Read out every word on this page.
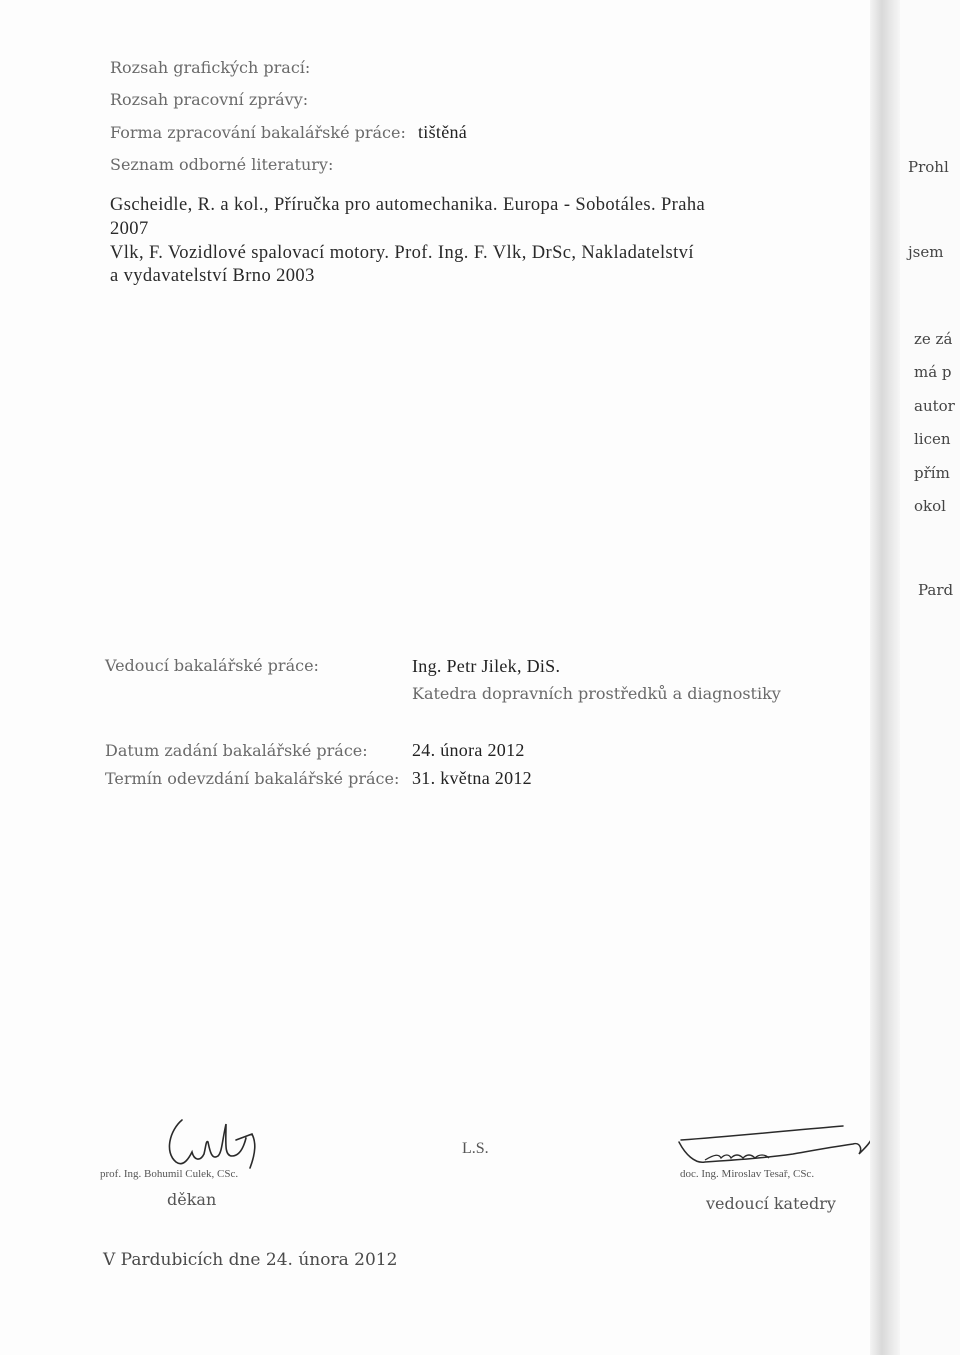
Rozsah grafických prací:
Rozsah pracovní zprávy:
Forma zpracování bakalářské práce: tištěná
Seznam odborné literatury:
Gscheidle, R. a kol., Příručka pro automechanika. Europa - Sobotáles. Praha
2007
Vlk, F. Vozidlové spalovací motory. Prof. Ing. F. Vlk, DrSc, Nakladatelství
a vydavatelství Brno 2003
Vedoucí bakalářské práce:	Ing. Petr Jilek, DiS.
Katedra dopravních prostředků a diagnostiky
Datum zadání bakalářské práce: 24. února 2012
Termín odevzdání bakalářské práce: 31. května 2012
prof. Ing. Bohumil Culek, CSc.
děkan
L.S.
doc. Ing. Miroslav Tesař, CSc.
vedoucí katedry
V Pardubicích dne 24. února 2012
Prohl
jsem
ze zá
má p
autor
licen
přím
okol
Pard
